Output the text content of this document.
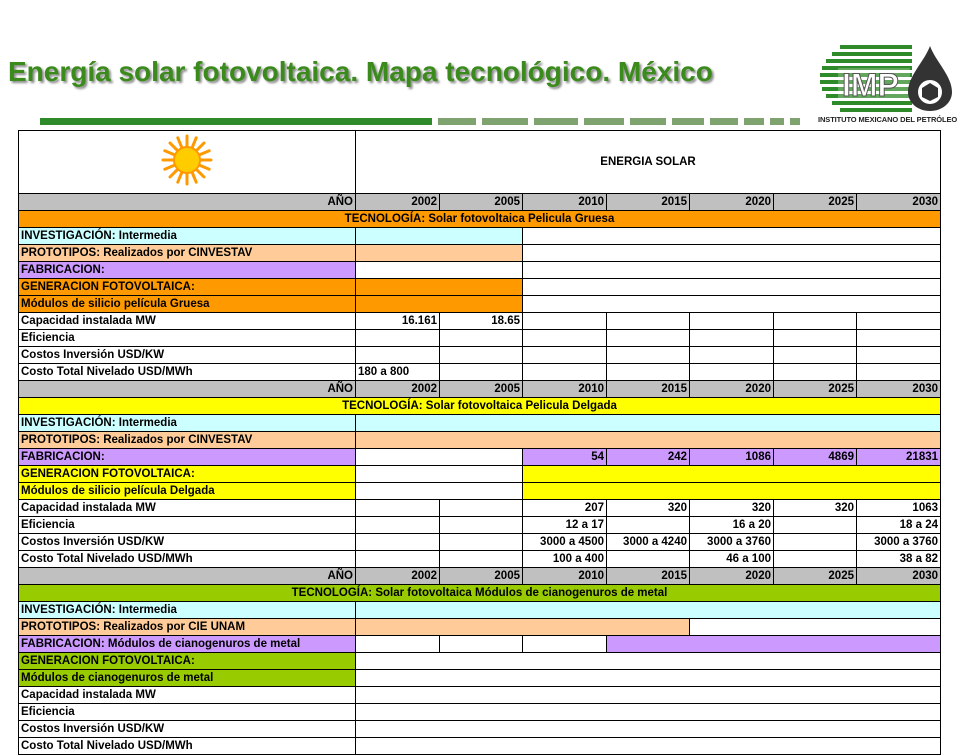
Energía solar fotovoltaica. Mapa tecnológico. México	IMP
INSTITUTO MEXICANO DEL PETRÓLEO
	ENERGIA SOLAR						
AÑO	2002	2005	2010	2015	2020	2025	2030
TECNOLOGÍA: Solar fotovoltaica Pelicula Gruesa							
INVESTIGACIÓN: Intermedia							
PROTOTIPOS: Realizados por CINVESTAV							
FABRICACION:							
GENERACION FOTOVOLTAICA:							
Módulos de silicio película Gruesa							
Capacidad instalada MW	16.161	18.65					
Eficiencia							
Costos Inversión USD/KW							
Costo Total Nivelado USD/MWh	180 a 800						
AÑO	2002	2005	2010	2015	2020	2025	2030
TECNOLOGÍA: Solar fotovoltaica Pelicula Delgada							
INVESTIGACIÓN: Intermedia							
PROTOTIPOS: Realizados por CINVESTAV							
FABRICACION:			54	242	1086	4869	21831
GENERACION FOTOVOLTAICA:							
Módulos de silicio película Delgada							
Capacidad instalada MW			207	320	320	320	1063
Eficiencia			12 a 17		16 a 20		18 a 24
Costos Inversión USD/KW			3000 a 4500	3000 a 4240	3000 a 3760		3000 a 3760
Costo Total Nivelado USD/MWh			100 a 400		46 a 100		38 a 82
AÑO	2002	2005	2010	2015	2020	2025	2030
TECNOLOGÍA: Solar fotovoltaica Módulos de cianogenuros de metal							
INVESTIGACIÓN: Intermedia							
PROTOTIPOS: Realizados por CIE UNAM							
FABRICACION: Módulos de cianogenuros de metal							
GENERACION FOTOVOLTAICA:							
Módulos de cianogenuros de metal							
Capacidad instalada MW							
Eficiencia							
Costos Inversión USD/KW							
Costo Total Nivelado USD/MWh							
